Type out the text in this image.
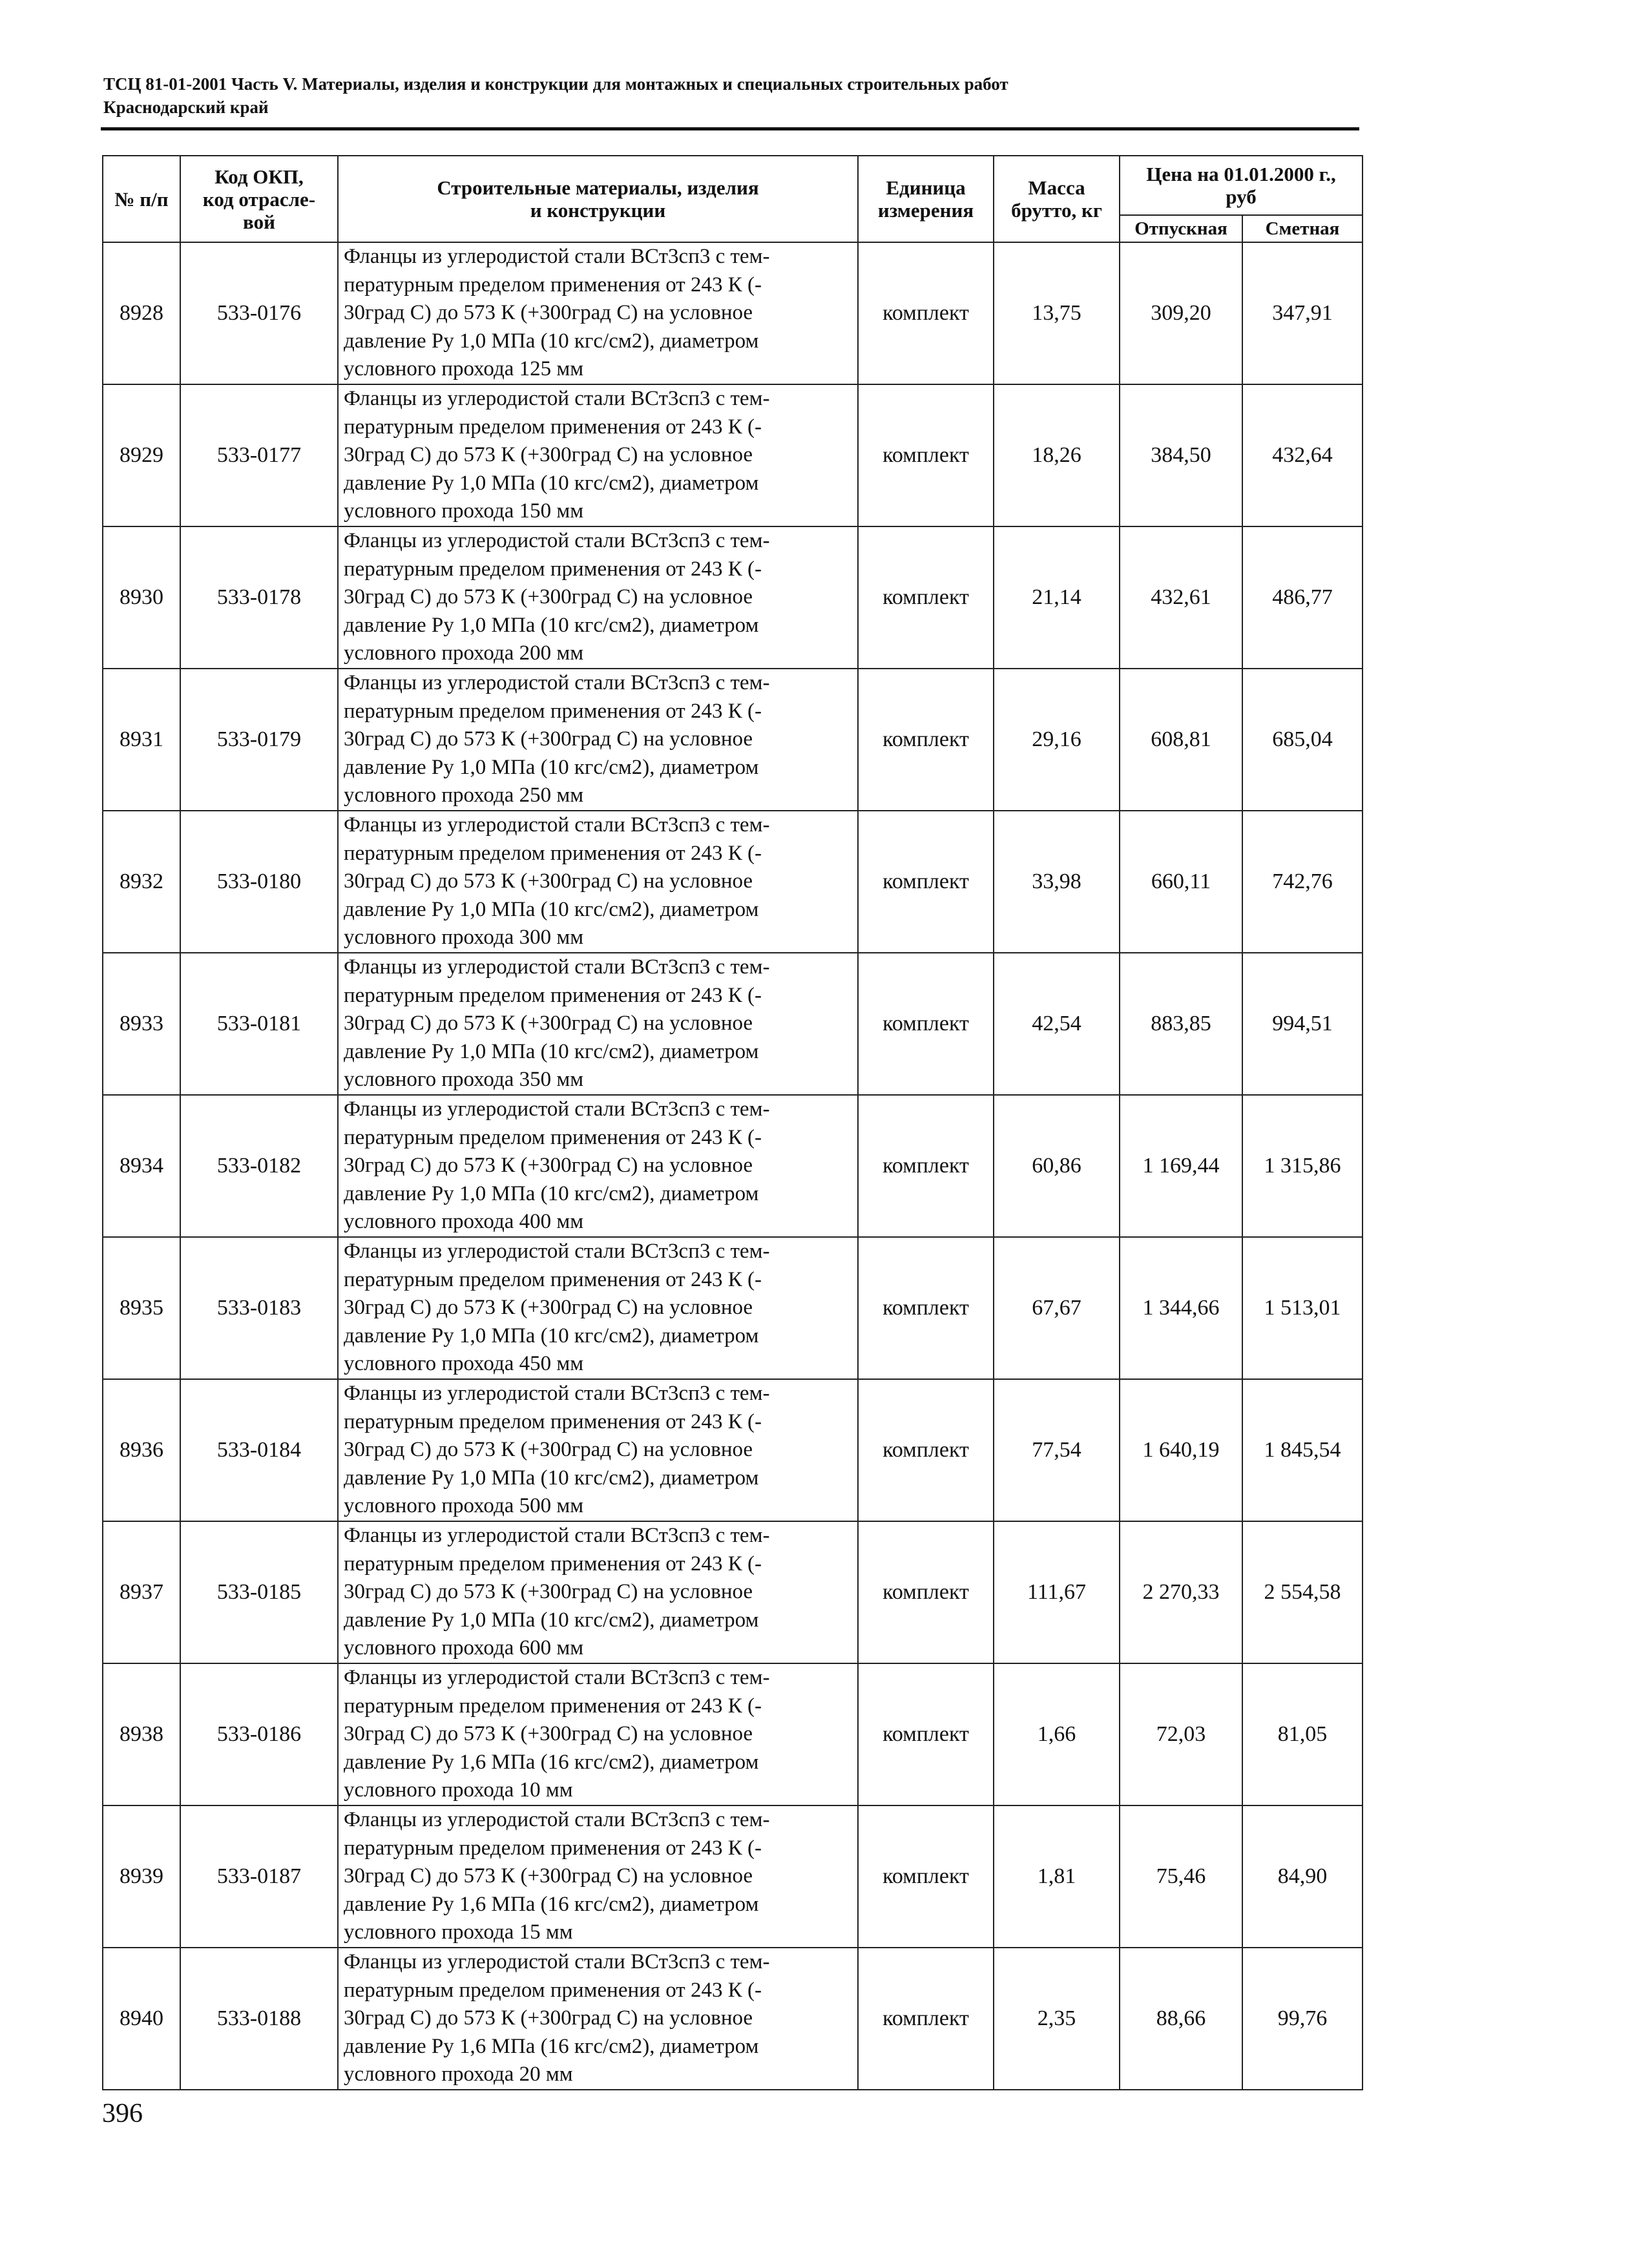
ТСЦ 81-01-2001 Часть V. Материалы, изделия и конструкции для монтажных и специальных строительных работ
Краснодарский край
№ п/п	Код ОКП,
код отрасле-
вой	Строительные материалы, изделия
и конструкции	Единица
измерения	Масса
брутто, кг	Цена на 01.01.2000 г.,
руб	
					Отпускная	Сметная
8928	533-0176	Фланцы из углеродистой стали ВСт3сп3 с тем-
пературным пределом применения от 243 К (-
30град С) до 573 К (+300град С) на условное
давление Ру 1,0 МПа (10 кгс/см2), диаметром
условного прохода 125 мм	комплект	13,75	309,20	347,91
8929	533-0177	Фланцы из углеродистой стали ВСт3сп3 с тем-
пературным пределом применения от 243 К (-
30град С) до 573 К (+300град С) на условное
давление Ру 1,0 МПа (10 кгс/см2), диаметром
условного прохода 150 мм	комплект	18,26	384,50	432,64
8930	533-0178	Фланцы из углеродистой стали ВСт3сп3 с тем-
пературным пределом применения от 243 К (-
30град С) до 573 К (+300град С) на условное
давление Ру 1,0 МПа (10 кгс/см2), диаметром
условного прохода 200 мм	комплект	21,14	432,61	486,77
8931	533-0179	Фланцы из углеродистой стали ВСт3сп3 с тем-
пературным пределом применения от 243 К (-
30град С) до 573 К (+300град С) на условное
давление Ру 1,0 МПа (10 кгс/см2), диаметром
условного прохода 250 мм	комплект	29,16	608,81	685,04
8932	533-0180	Фланцы из углеродистой стали ВСт3сп3 с тем-
пературным пределом применения от 243 К (-
30град С) до 573 К (+300град С) на условное
давление Ру 1,0 МПа (10 кгс/см2), диаметром
условного прохода 300 мм	комплект	33,98	660,11	742,76
8933	533-0181	Фланцы из углеродистой стали ВСт3сп3 с тем-
пературным пределом применения от 243 К (-
30град С) до 573 К (+300град С) на условное
давление Ру 1,0 МПа (10 кгс/см2), диаметром
условного прохода 350 мм	комплект	42,54	883,85	994,51
8934	533-0182	Фланцы из углеродистой стали ВСт3сп3 с тем-
пературным пределом применения от 243 К (-
30град С) до 573 К (+300град С) на условное
давление Ру 1,0 МПа (10 кгс/см2), диаметром
условного прохода 400 мм	комплект	60,86	1 169,44	1 315,86
8935	533-0183	Фланцы из углеродистой стали ВСт3сп3 с тем-
пературным пределом применения от 243 К (-
30град С) до 573 К (+300град С) на условное
давление Ру 1,0 МПа (10 кгс/см2), диаметром
условного прохода 450 мм	комплект	67,67	1 344,66	1 513,01
8936	533-0184	Фланцы из углеродистой стали ВСт3сп3 с тем-
пературным пределом применения от 243 К (-
30град С) до 573 К (+300град С) на условное
давление Ру 1,0 МПа (10 кгс/см2), диаметром
условного прохода 500 мм	комплект	77,54	1 640,19	1 845,54
8937	533-0185	Фланцы из углеродистой стали ВСт3сп3 с тем-
пературным пределом применения от 243 К (-
30град С) до 573 К (+300град С) на условное
давление Ру 1,0 МПа (10 кгс/см2), диаметром
условного прохода 600 мм	комплект	111,67	2 270,33	2 554,58
8938	533-0186	Фланцы из углеродистой стали ВСт3сп3 с тем-
пературным пределом применения от 243 К (-
30град С) до 573 К (+300град С) на условное
давление Ру 1,6 МПа (16 кгс/см2), диаметром
условного прохода 10 мм	комплект	1,66	72,03	81,05
8939	533-0187	Фланцы из углеродистой стали ВСт3сп3 с тем-
пературным пределом применения от 243 К (-
30град С) до 573 К (+300град С) на условное
давление Ру 1,6 МПа (16 кгс/см2), диаметром
условного прохода 15 мм	комплект	1,81	75,46	84,90
8940	533-0188	Фланцы из углеродистой стали ВСт3сп3 с тем-
пературным пределом применения от 243 К (-
30град С) до 573 К (+300град С) на условное
давление Ру 1,6 МПа (16 кгс/см2), диаметром
условного прохода 20 мм	комплект	2,35	88,66	99,76
396
